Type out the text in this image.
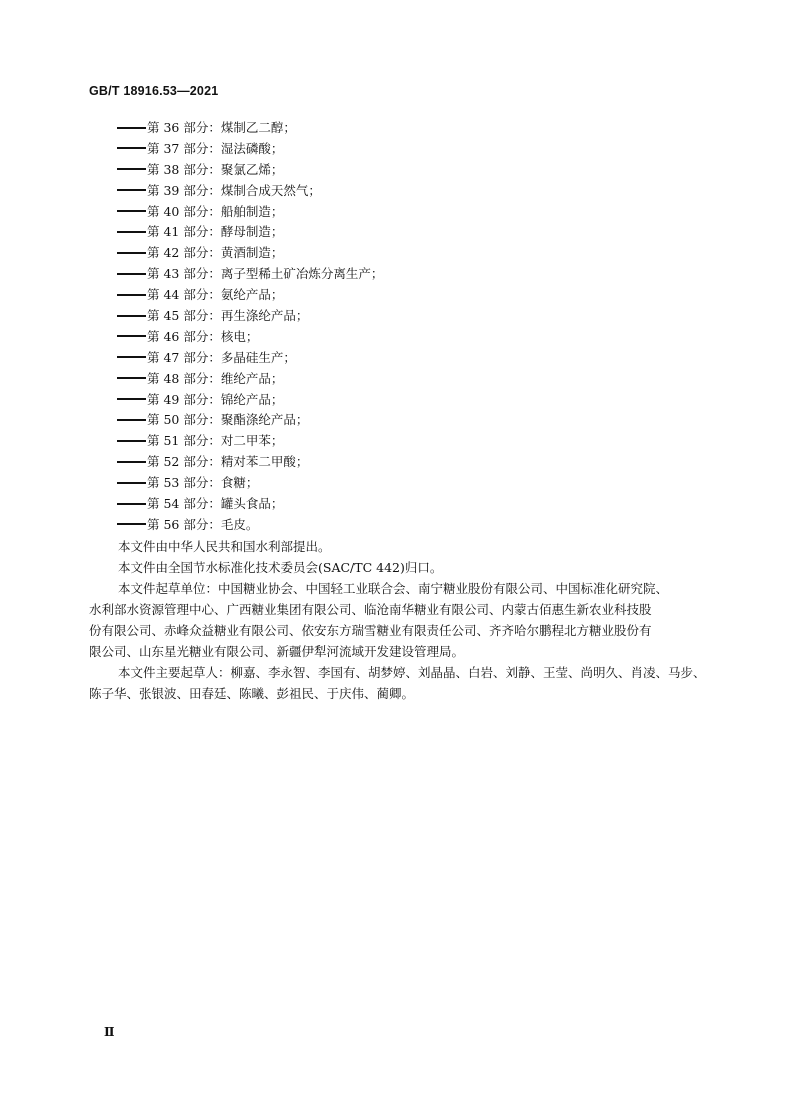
GB/T 18916.53—2021
第 36 部分：煤制乙二醇；
第 37 部分：湿法磷酸；
第 38 部分：聚氯乙烯；
第 39 部分：煤制合成天然气；
第 40 部分：船舶制造；
第 41 部分：酵母制造；
第 42 部分：黄酒制造；
第 43 部分：离子型稀土矿冶炼分离生产；
第 44 部分：氨纶产品；
第 45 部分：再生涤纶产品；
第 46 部分：核电；
第 47 部分：多晶硅生产；
第 48 部分：维纶产品；
第 49 部分：锦纶产品；
第 50 部分：聚酯涤纶产品；
第 51 部分：对二甲苯；
第 52 部分：精对苯二甲酸；
第 53 部分：食糖；
第 54 部分：罐头食品；
第 56 部分：毛皮。

本文件由中华人民共和国水利部提出。

本文件由全国节水标准化技术委员会(SAC/TC 442)归口。

本文件起草单位：中国糖业协会、中国轻工业联合会、南宁糖业股份有限公司、中国标准化研究院、
水利部水资源管理中心、广西糖业集团有限公司、临沧南华糖业有限公司、内蒙古佰惠生新农业科技股
份有限公司、赤峰众益糖业有限公司、依安东方瑞雪糖业有限责任公司、齐齐哈尔鹏程北方糖业股份有
限公司、山东星光糖业有限公司、新疆伊犁河流域开发建设管理局。

本文件主要起草人：柳嘉、李永智、李国有、胡梦婷、刘晶晶、白岩、刘静、王莹、尚明久、肖凌、马步、
陈子华、张银波、田春廷、陈曦、彭祖民、于庆伟、蔺卿。

Ⅱ
